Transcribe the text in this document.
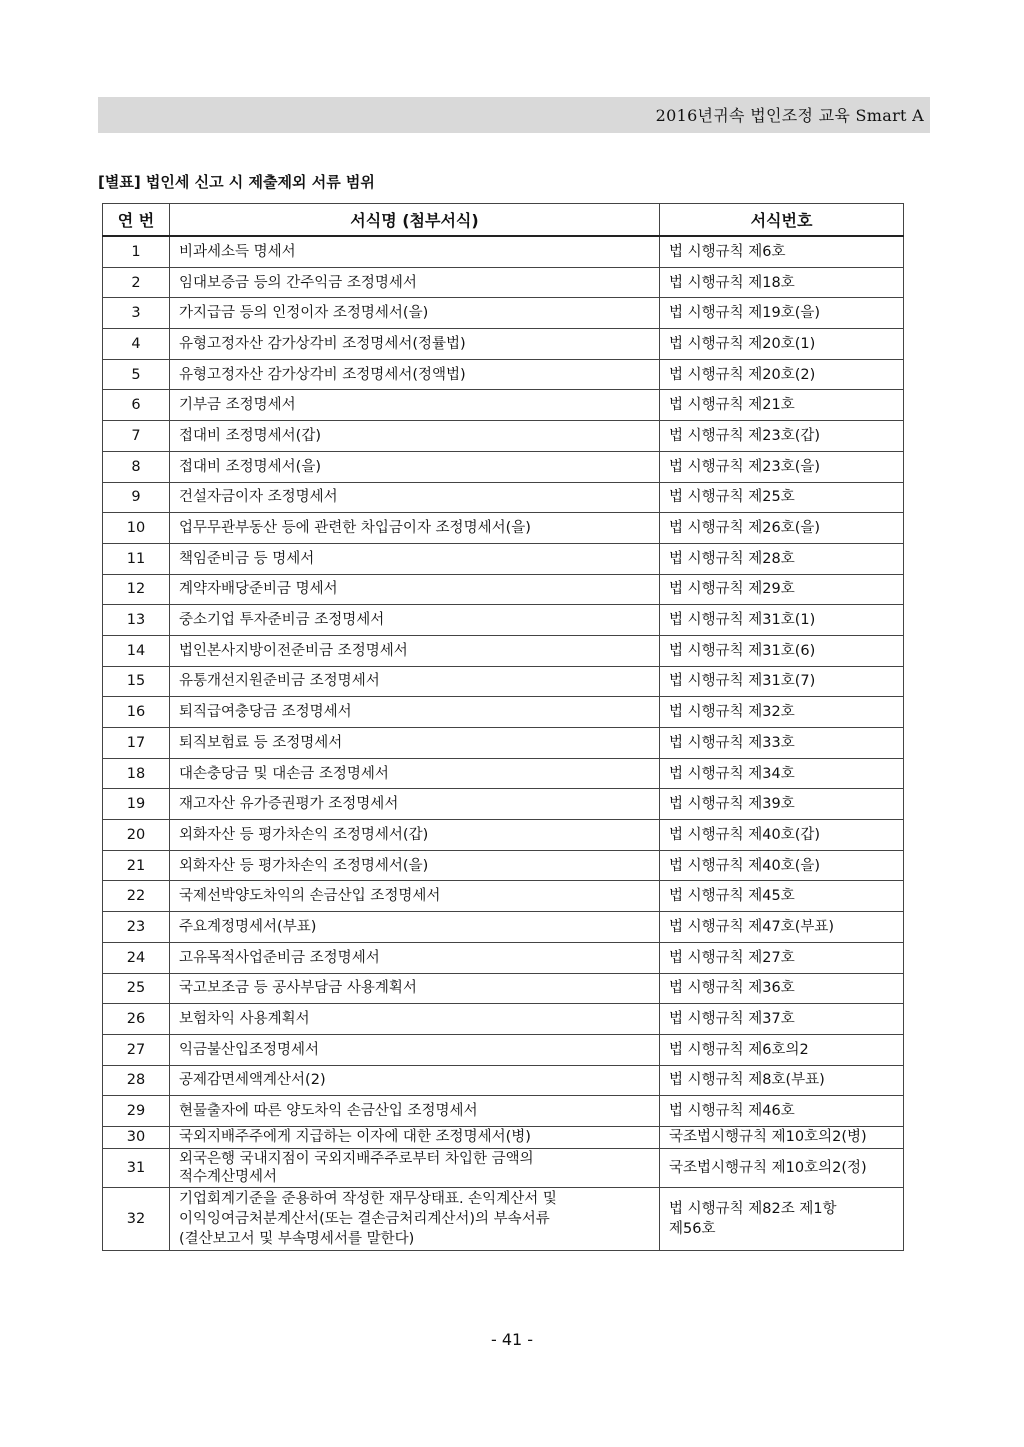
2016년귀속 법인조정 교육 Smart A
[별표] 법인세 신고 시 제출제외 서류 범위
연 번	서식명 (첨부서식)	서식번호
1	비과세소득 명세서	법 시행규칙 제6호
2	임대보증금 등의 간주익금 조정명세서	법 시행규칙 제18호
3	가지급금 등의 인정이자 조정명세서(을)	법 시행규칙 제19호(을)
4	유형고정자산 감가상각비 조정명세서(정률법)	법 시행규칙 제20호(1)
5	유형고정자산 감가상각비 조정명세서(정액법)	법 시행규칙 제20호(2)
6	기부금 조정명세서	법 시행규칙 제21호
7	접대비 조정명세서(갑)	법 시행규칙 제23호(갑)
8	접대비 조정명세서(을)	법 시행규칙 제23호(을)
9	건설자금이자 조정명세서	법 시행규칙 제25호
10	업무무관부동산 등에 관련한 차입금이자 조정명세서(을)	법 시행규칙 제26호(을)
11	책임준비금 등 명세서	법 시행규칙 제28호
12	계약자배당준비금 명세서	법 시행규칙 제29호
13	중소기업 투자준비금 조정명세서	법 시행규칙 제31호(1)
14	법인본사지방이전준비금 조정명세서	법 시행규칙 제31호(6)
15	유통개선지원준비금 조정명세서	법 시행규칙 제31호(7)
16	퇴직급여충당금 조정명세서	법 시행규칙 제32호
17	퇴직보험료 등 조정명세서	법 시행규칙 제33호
18	대손충당금 및 대손금 조정명세서	법 시행규칙 제34호
19	재고자산 유가증권평가 조정명세서	법 시행규칙 제39호
20	외화자산 등 평가차손익 조정명세서(갑)	법 시행규칙 제40호(갑)
21	외화자산 등 평가차손익 조정명세서(을)	법 시행규칙 제40호(을)
22	국제선박양도차익의 손금산입 조정명세서	법 시행규칙 제45호
23	주요계정명세서(부표)	법 시행규칙 제47호(부표)
24	고유목적사업준비금 조정명세서	법 시행규칙 제27호
25	국고보조금 등 공사부담금 사용계획서	법 시행규칙 제36호
26	보험차익 사용계획서	법 시행규칙 제37호
27	익금불산입조정명세서	법 시행규칙 제6호의2
28	공제감면세액계산서(2)	법 시행규칙 제8호(부표)
29	현물출자에 따른 양도차익 손금산입 조정명세서	법 시행규칙 제46호
30	국외지배주주에게 지급하는 이자에 대한 조정명세서(병)	국조법시행규칙 제10호의2(병)
31	외국은행 국내지점이 국외지배주주로부터 차입한 금액의
적수계산명세서	국조법시행규칙 제10호의2(정)
32	기업회계기준을 준용하여 작성한 재무상태표. 손익계산서 및
이익잉여금처분계산서(또는 결손금처리계산서)의 부속서류
(결산보고서 및 부속명세서를 말한다)	법 시행규칙 제82조 제1항
제56호
- 41 -
